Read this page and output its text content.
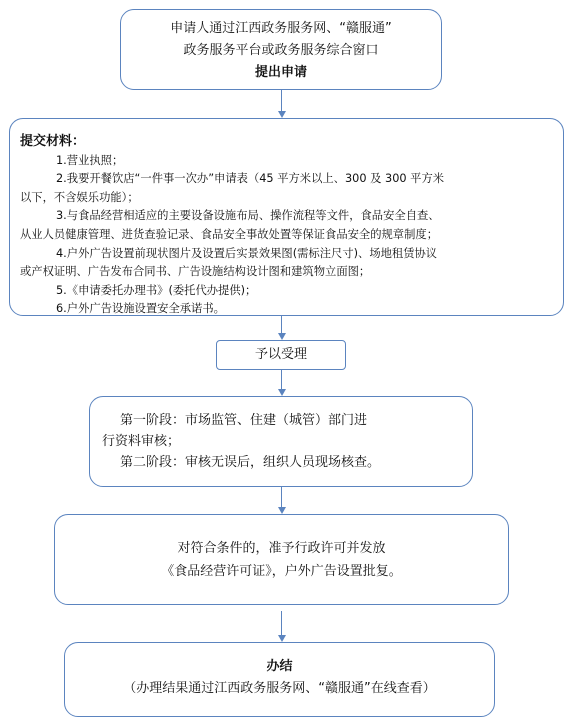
申请人通过江西政务服务网、“赣服通”
政务服务平台或政务服务综合窗口
提出申请
提交材料：
1.营业执照；
2.我要开餐饮店“一件事一次办”申请表（45 平方米以上、300 及 300 平方米
以下，不含娱乐功能）；
3.与食品经营相适应的主要设备设施布局、操作流程等文件，食品安全自查、
从业人员健康管理、进货查验记录、食品安全事故处置等保证食品安全的规章制度；
4.户外广告设置前现状图片及设置后实景效果图(需标注尺寸)、场地租赁协议
或产权证明、广告发布合同书、广告设施结构设计图和建筑物立面图；
5.《申请委托办理书》(委托代办提供)；
6.户外广告设施设置安全承诺书。
予以受理
第一阶段：市场监管、住建（城管）部门进
行资料审核；
第二阶段：审核无误后，组织人员现场核查。
对符合条件的，准予行政许可并发放
《食品经营许可证》，户外广告设置批复。
办结
（办理结果通过江西政务服务网、“赣服通”在线查看）
